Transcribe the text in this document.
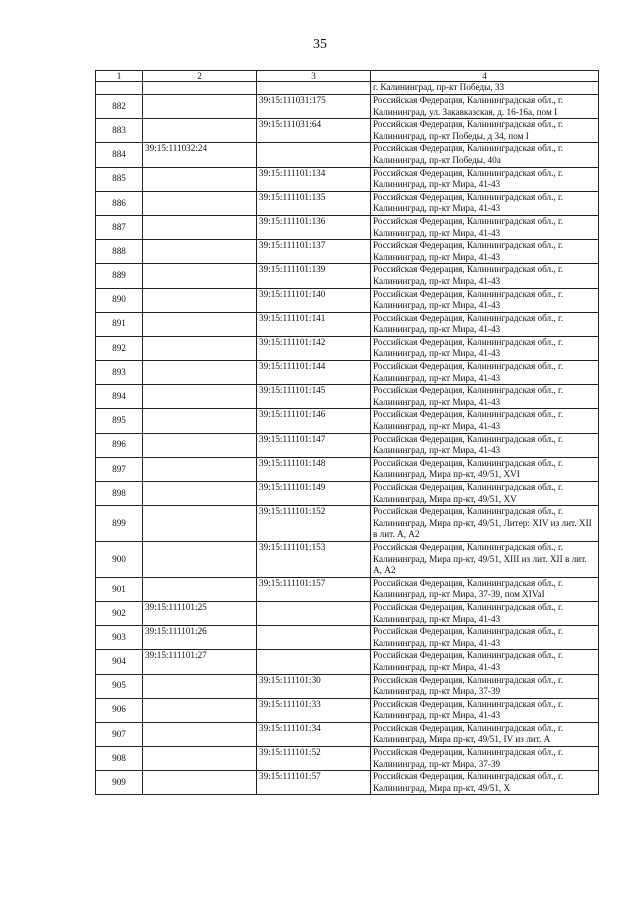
35
1	2	3	4
			г. Калининград, пр-кт Победы, 33
882		39:15:111031:175	Российская Федерация, Калининградская обл., г. Калининград, ул. Закавказская, д. 16-16а, пом I
883		39:15:111031:64	Российская Федерация, Калининградская обл., г. Калининград, пр-кт Победы, д 34, пом I
884	39:15:111032:24		Российская Федерация, Калининградская обл., г. Калининград, пр-кт Победы, 40а
885		39:15:111101:134	Российская Федерация, Калининградская обл., г. Калининград, пр-кт Мира, 41-43
886		39:15:111101:135	Российская Федерация, Калининградская обл., г. Калининград, пр-кт Мира, 41-43
887		39:15:111101:136	Российская Федерация, Калининградская обл., г. Калининград, пр-кт Мира, 41-43
888		39:15:111101:137	Российская Федерация, Калининградская обл., г. Калининград, пр-кт Мира, 41-43
889		39:15:111101:139	Российская Федерация, Калининградская обл., г. Калининград, пр-кт Мира, 41-43
890		39:15:111101:140	Российская Федерация, Калининградская обл., г. Калининград, пр-кт Мира, 41-43
891		39:15:111101:141	Российская Федерация, Калининградская обл., г. Калининград, пр-кт Мира, 41-43
892		39:15:111101:142	Российская Федерация, Калининградская обл., г. Калининград, пр-кт Мира, 41-43
893		39:15:111101:144	Российская Федерация, Калининградская обл., г. Калининград, пр-кт Мира, 41-43
894		39:15:111101:145	Российская Федерация, Калининградская обл., г. Калининград, пр-кт Мира, 41-43
895		39:15:111101:146	Российская Федерация, Калининградская обл., г. Калининград, пр-кт Мира, 41-43
896		39:15:111101:147	Российская Федерация, Калининградская обл., г. Калининград, пр-кт Мира, 41-43
897		39:15:111101:148	Российская Федерация, Калининградская обл., г. Калининград, Мира пр-кт, 49/51, XVI
898		39:15:111101:149	Российская Федерация, Калининградская обл., г. Калининград, Мира пр-кт, 49/51, XV
899		39:15:111101:152	Российская Федерация, Калининградская обл., г. Калининград, Мира пр-кт, 49/51, Литер: XIV из лит. XII в лит. А, А2
900		39:15:111101:153	Российская Федерация, Калининградская обл., г. Калининград, Мира пр-кт, 49/51, XIII из лит. XII в лит. А, А2
901		39:15:111101:157	Российская Федерация, Калининградская обл., г. Калининград, пр-кт Мира, 37-39, пом XIVaI
902	39:15:111101:25		Российская Федерация, Калининградская обл., г. Калининград, пр-кт Мира, 41-43
903	39:15:111101:26		Российская Федерация, Калининградская обл., г. Калининград, пр-кт Мира, 41-43
904	39:15:111101:27		Российская Федерация, Калининградская обл., г. Калининград, пр-кт Мира, 41-43
905		39:15:111101:30	Российская Федерация, Калининградская обл., г. Калининград, пр-кт Мира, 37-39
906		39:15:111101:33	Российская Федерация, Калининградская обл., г. Калининград, пр-кт Мира, 41-43
907		39:15:111101:34	Российская Федерация, Калининградская обл., г. Калининград, Мира пр-кт, 49/51, IV из лит. А
908		39:15:111101:52	Российская Федерация, Калининградская обл., г. Калининград, пр-кт Мира, 37-39
909		39:15:111101:57	Российская Федерация, Калининградская обл., г. Калининград, Мира пр-кт, 49/51, X
